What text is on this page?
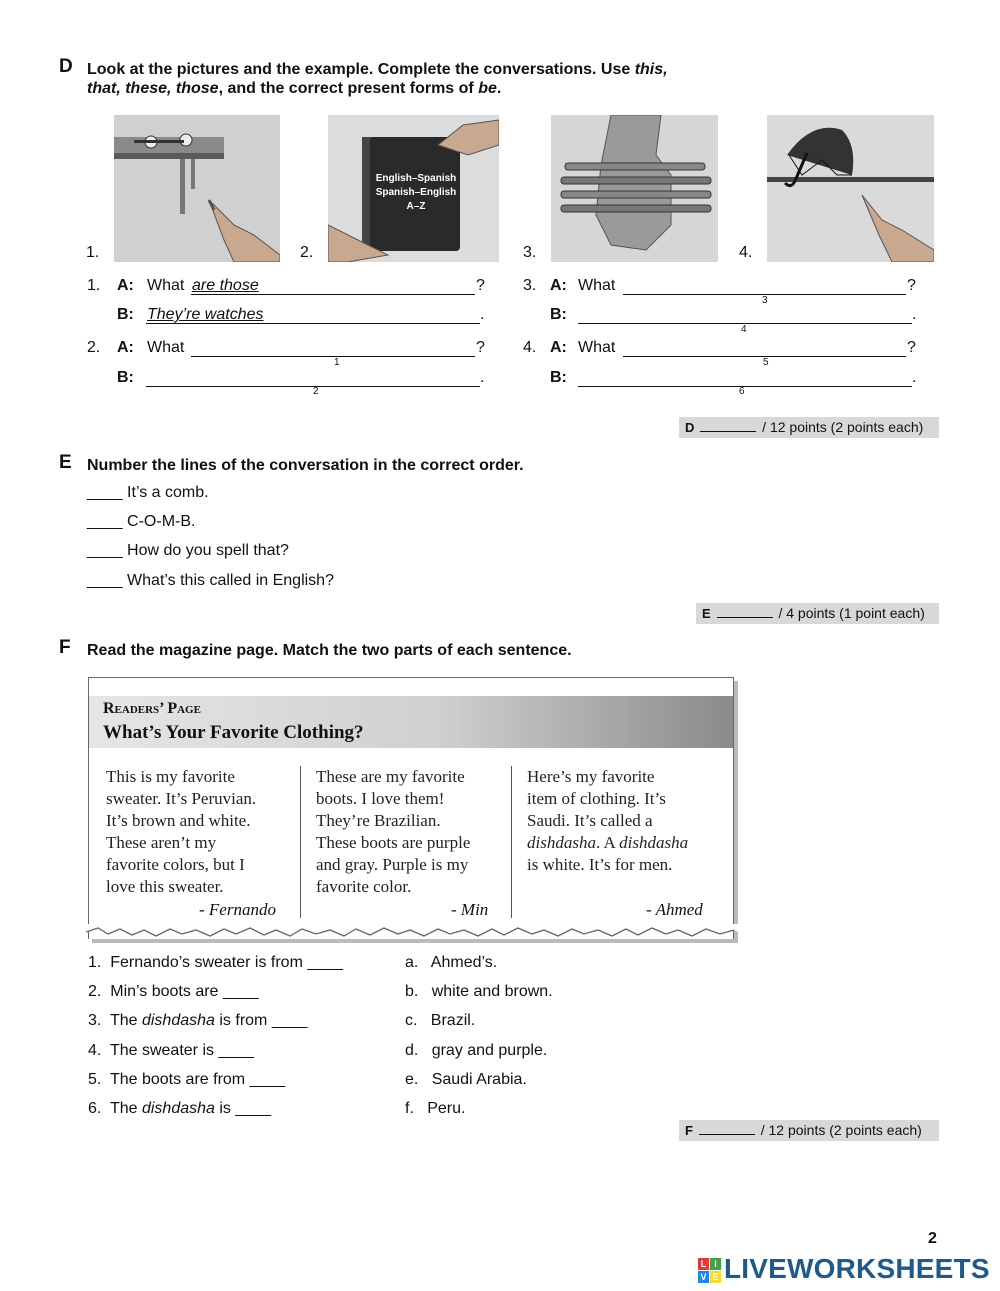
D Look at the pictures and the example. Complete the conversations. Use this,
that, these, those, and the correct present forms of be.
1.	2.
English–Spanish
Spanish–English
A–Z
3.	4.
1. A: What are those	?
B: They’re watches	.
2. A: What	?
1
B:	.
2
3. A: What	?
3
B:	.
4
4. A: What	?
5
B:	.
6
D	/ 12 points (2 points each)
E Number the lines of the conversation in the correct order.
____ It’s a comb.
____ C-O-M-B.
____ How do you spell that?
____ What’s this called in English?
E	/ 4 points (1 point each)
F Read the magazine page. Match the two parts of each sentence.
Readers’ Page
What’s Your Favorite Clothing?
This is my favorite
sweater. It’s Peruvian.
It’s brown and white.
These aren’t my
favorite colors, but I
love this sweater.
- Fernando
These are my favorite
boots. I love them!
They’re Brazilian.
These boots are purple
and gray. Purple is my
favorite color.
- Min
Here’s my favorite
item of clothing. It’s
Saudi. It’s called a
dishdasha. A dishdasha
is white. It’s for men.
- Ahmed
1. Fernando’s sweater is from ____
2. Min’s boots are ____
3. The dishdasha is from ____
4. The sweater is ____
5. The boots are from ____
6. The dishdasha is ____
a. Ahmed’s.
b. white and brown.
c. Brazil.
d. gray and purple.
e. Saudi Arabia.
f. Peru.
F	/ 12 points (2 points each)
2
L I
V E LIVEWORKSHEETS
